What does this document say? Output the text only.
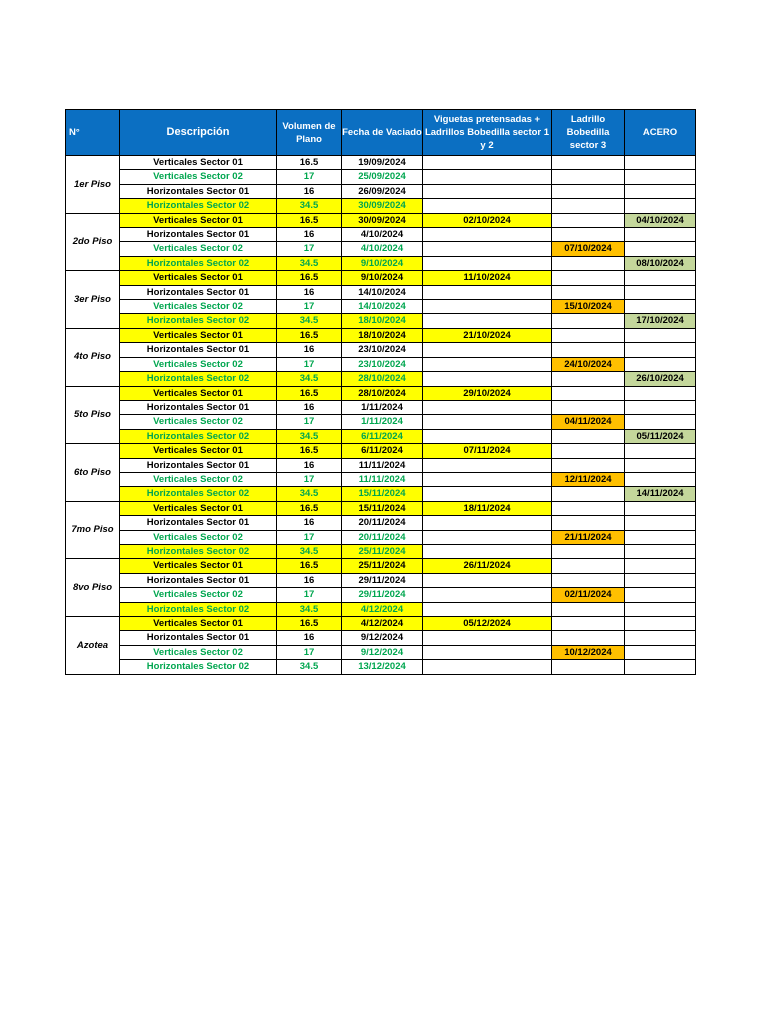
N°	Descripción	Volumen de Plano	Fecha de Vaciado	Viguetas pretensadas + Ladrillos Bobedilla sector 1 y 2	Ladrillo Bobedilla sector 3	ACERO
1er Piso	Verticales Sector 01	16.5	19/09/2024			
	Verticales Sector 02	17	25/09/2024			
	Horizontales Sector 01	16	26/09/2024			
	Horizontales Sector 02	34.5	30/09/2024			
2do Piso	Verticales Sector 01	16.5	30/09/2024	02/10/2024		04/10/2024
	Horizontales Sector 01	16	4/10/2024			
	Verticales Sector 02	17	4/10/2024		07/10/2024	
	Horizontales Sector 02	34.5	9/10/2024			08/10/2024
3er Piso	Verticales Sector 01	16.5	9/10/2024	11/10/2024		
	Horizontales Sector 01	16	14/10/2024			
	Verticales Sector 02	17	14/10/2024		15/10/2024	
	Horizontales Sector 02	34.5	18/10/2024			17/10/2024
4to Piso	Verticales Sector 01	16.5	18/10/2024	21/10/2024		
	Horizontales Sector 01	16	23/10/2024			
	Verticales Sector 02	17	23/10/2024		24/10/2024	
	Horizontales Sector 02	34.5	28/10/2024			26/10/2024
5to Piso	Verticales Sector 01	16.5	28/10/2024	29/10/2024		
	Horizontales Sector 01	16	1/11/2024			
	Verticales Sector 02	17	1/11/2024		04/11/2024	
	Horizontales Sector 02	34.5	6/11/2024			05/11/2024
6to Piso	Verticales Sector 01	16.5	6/11/2024	07/11/2024		
	Horizontales Sector 01	16	11/11/2024			
	Verticales Sector 02	17	11/11/2024		12/11/2024	
	Horizontales Sector 02	34.5	15/11/2024			14/11/2024
7mo Piso	Verticales Sector 01	16.5	15/11/2024	18/11/2024		
	Horizontales Sector 01	16	20/11/2024			
	Verticales Sector 02	17	20/11/2024		21/11/2024	
	Horizontales Sector 02	34.5	25/11/2024			
8vo Piso	Verticales Sector 01	16.5	25/11/2024	26/11/2024		
	Horizontales Sector 01	16	29/11/2024			
	Verticales Sector 02	17	29/11/2024		02/11/2024	
	Horizontales Sector 02	34.5	4/12/2024			
Azotea	Verticales Sector 01	16.5	4/12/2024	05/12/2024		
	Horizontales Sector 01	16	9/12/2024			
	Verticales Sector 02	17	9/12/2024		10/12/2024	
	Horizontales Sector 02	34.5	13/12/2024			
